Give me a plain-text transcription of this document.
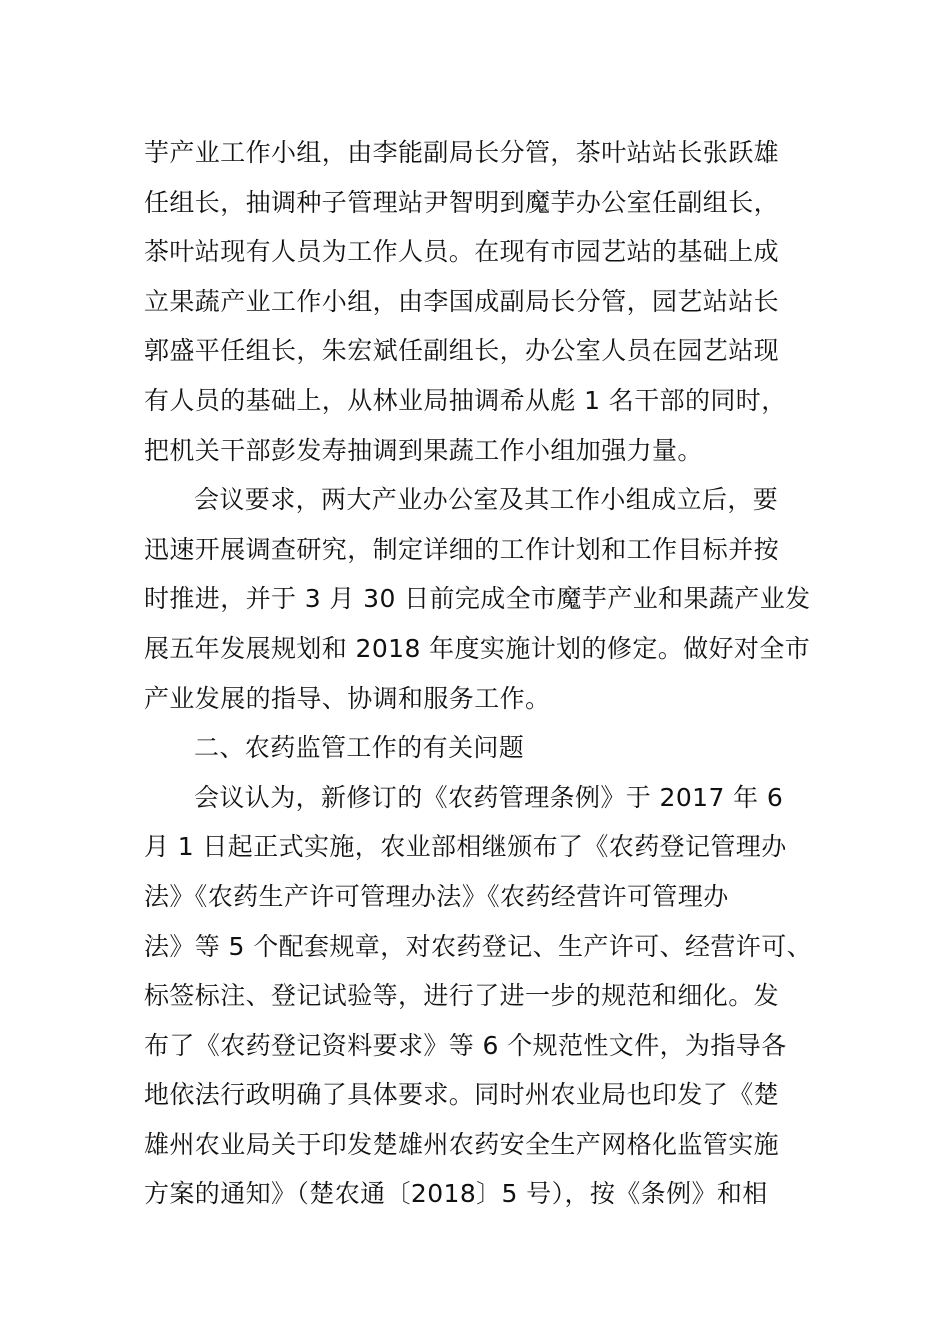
芋产业工作小组，由李能副局长分管，茶叶站站长张跃雄
任组长，抽调种子管理站尹智明到魔芋办公室任副组长，
茶叶站现有人员为工作人员。在现有市园艺站的基础上成
立果蔬产业工作小组，由李国成副局长分管，园艺站站长
郭盛平任组长，朱宏斌任副组长，办公室人员在园艺站现
有人员的基础上，从林业局抽调希从彪 1 名干部的同时，
把机关干部彭发寿抽调到果蔬工作小组加强力量。
会议要求，两大产业办公室及其工作小组成立后，要
迅速开展调查研究，制定详细的工作计划和工作目标并按
时推进，并于 3 月 30 日前完成全市魔芋产业和果蔬产业发
展五年发展规划和 2018 年度实施计划的修定。做好对全市
产业发展的指导、协调和服务工作。
二、农药监管工作的有关问题
会议认为，新修订的《农药管理条例》于 2017 年 6
月 1 日起正式实施，农业部相继颁布了《农药登记管理办
法》《农药生产许可管理办法》《农药经营许可管理办
法》等 5 个配套规章，对农药登记、生产许可、经营许可、
标签标注、登记试验等，进行了进一步的规范和细化。发
布了《农药登记资料要求》等 6 个规范性文件，为指导各
地依法行政明确了具体要求。同时州农业局也印发了《楚
雄州农业局关于印发楚雄州农药安全生产网格化监管实施
方案的通知》（楚农通〔2018〕5 号），按《条例》和相
